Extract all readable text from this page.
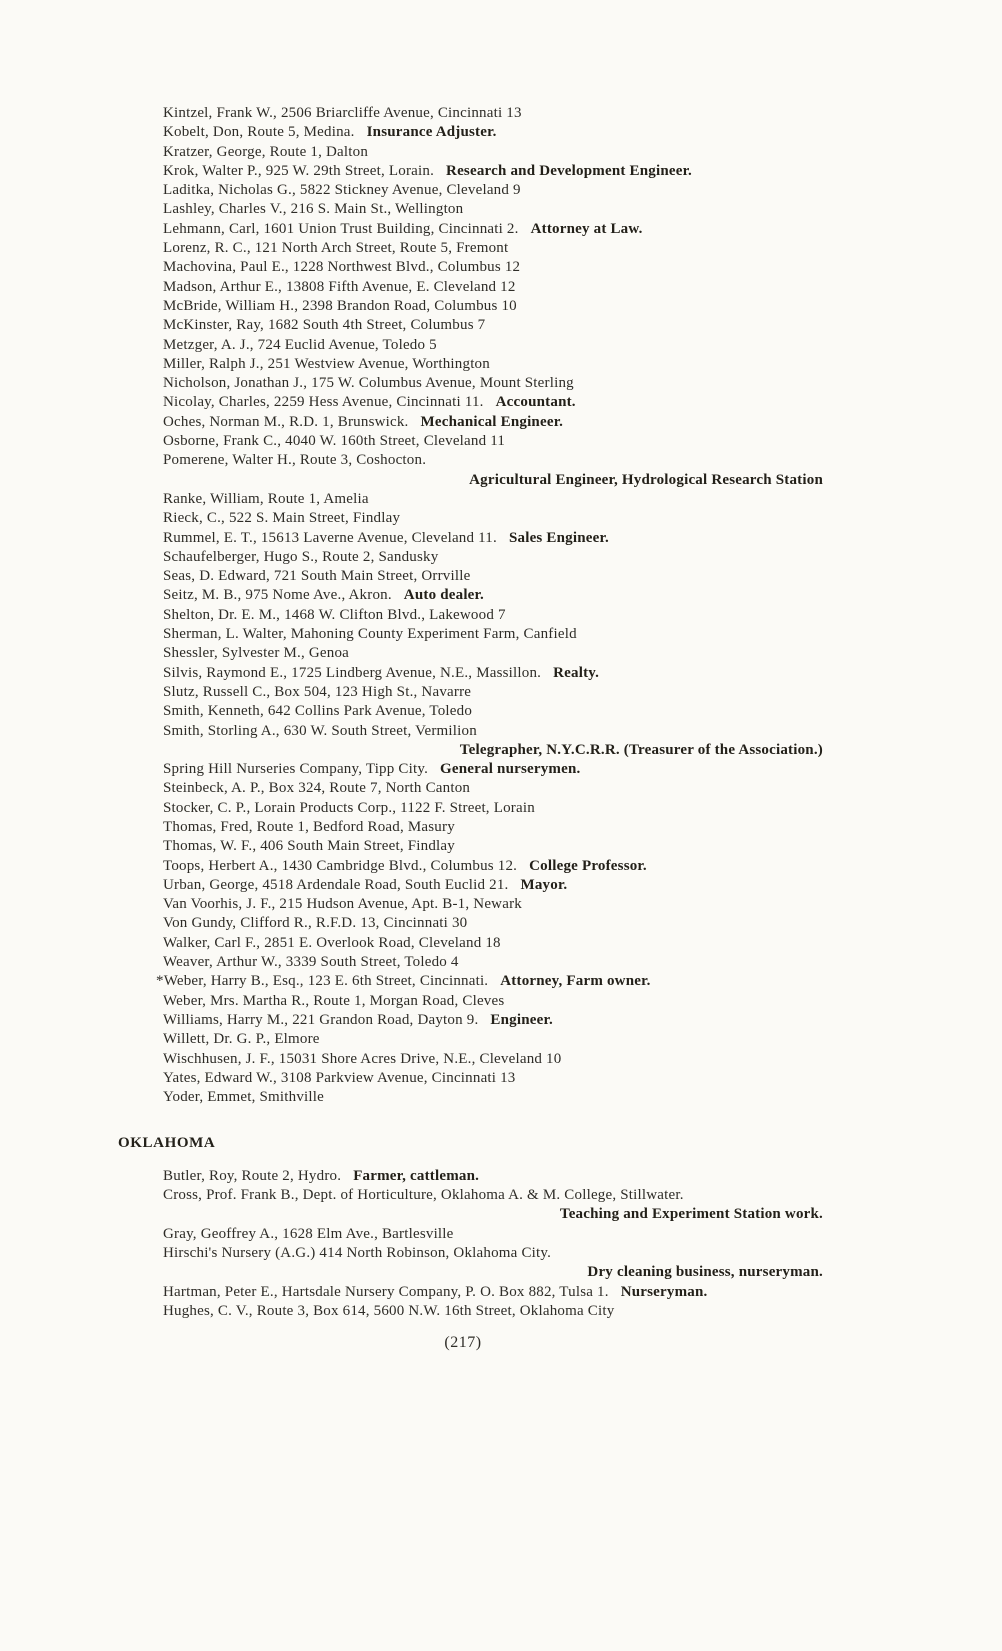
Kintzel, Frank W., 2506 Briarcliffe Avenue, Cincinnati 13
Kobelt, Don, Route 5, Medina. Insurance Adjuster.
Kratzer, George, Route 1, Dalton
Krok, Walter P., 925 W. 29th Street, Lorain. Research and Development Engineer.
Laditka, Nicholas G., 5822 Stickney Avenue, Cleveland 9
Lashley, Charles V., 216 S. Main St., Wellington
Lehmann, Carl, 1601 Union Trust Building, Cincinnati 2. Attorney at Law.
Lorenz, R. C., 121 North Arch Street, Route 5, Fremont
Machovina, Paul E., 1228 Northwest Blvd., Columbus 12
Madson, Arthur E., 13808 Fifth Avenue, E. Cleveland 12
McBride, William H., 2398 Brandon Road, Columbus 10
McKinster, Ray, 1682 South 4th Street, Columbus 7
Metzger, A. J., 724 Euclid Avenue, Toledo 5
Miller, Ralph J., 251 Westview Avenue, Worthington
Nicholson, Jonathan J., 175 W. Columbus Avenue, Mount Sterling
Nicolay, Charles, 2259 Hess Avenue, Cincinnati 11. Accountant.
Oches, Norman M., R.D. 1, Brunswick. Mechanical Engineer.
Osborne, Frank C., 4040 W. 160th Street, Cleveland 11
Pomerene, Walter H., Route 3, Coshocton.
Agricultural Engineer, Hydrological Research Station
Ranke, William, Route 1, Amelia
Rieck, C., 522 S. Main Street, Findlay
Rummel, E. T., 15613 Laverne Avenue, Cleveland 11. Sales Engineer.
Schaufelberger, Hugo S., Route 2, Sandusky
Seas, D. Edward, 721 South Main Street, Orrville
Seitz, M. B., 975 Nome Ave., Akron. Auto dealer.
Shelton, Dr. E. M., 1468 W. Clifton Blvd., Lakewood 7
Sherman, L. Walter, Mahoning County Experiment Farm, Canfield
Shessler, Sylvester M., Genoa
Silvis, Raymond E., 1725 Lindberg Avenue, N.E., Massillon. Realty.
Slutz, Russell C., Box 504, 123 High St., Navarre
Smith, Kenneth, 642 Collins Park Avenue, Toledo
Smith, Storling A., 630 W. South Street, Vermilion
Telegrapher, N.Y.C.R.R. (Treasurer of the Association.)
Spring Hill Nurseries Company, Tipp City. General nurserymen.
Steinbeck, A. P., Box 324, Route 7, North Canton
Stocker, C. P., Lorain Products Corp., 1122 F. Street, Lorain
Thomas, Fred, Route 1, Bedford Road, Masury
Thomas, W. F., 406 South Main Street, Findlay
Toops, Herbert A., 1430 Cambridge Blvd., Columbus 12. College Professor.
Urban, George, 4518 Ardendale Road, South Euclid 21. Mayor.
Van Voorhis, J. F., 215 Hudson Avenue, Apt. B-1, Newark
Von Gundy, Clifford R., R.F.D. 13, Cincinnati 30
Walker, Carl F., 2851 E. Overlook Road, Cleveland 18
Weaver, Arthur W., 3339 South Street, Toledo 4
*Weber, Harry B., Esq., 123 E. 6th Street, Cincinnati. Attorney, Farm owner.
Weber, Mrs. Martha R., Route 1, Morgan Road, Cleves
Williams, Harry M., 221 Grandon Road, Dayton 9. Engineer.
Willett, Dr. G. P., Elmore
Wischhusen, J. F., 15031 Shore Acres Drive, N.E., Cleveland 10
Yates, Edward W., 3108 Parkview Avenue, Cincinnati 13
Yoder, Emmet, Smithville
OKLAHOMA
Butler, Roy, Route 2, Hydro. Farmer, cattleman.
Cross, Prof. Frank B., Dept. of Horticulture, Oklahoma A. & M. College, Stillwater.
Teaching and Experiment Station work.
Gray, Geoffrey A., 1628 Elm Ave., Bartlesville
Hirschi's Nursery (A.G.) 414 North Robinson, Oklahoma City.
Dry cleaning business, nurseryman.
Hartman, Peter E., Hartsdale Nursery Company, P. O. Box 882, Tulsa 1. Nurseryman.
Hughes, C. V., Route 3, Box 614, 5600 N.W. 16th Street, Oklahoma City
(217)
